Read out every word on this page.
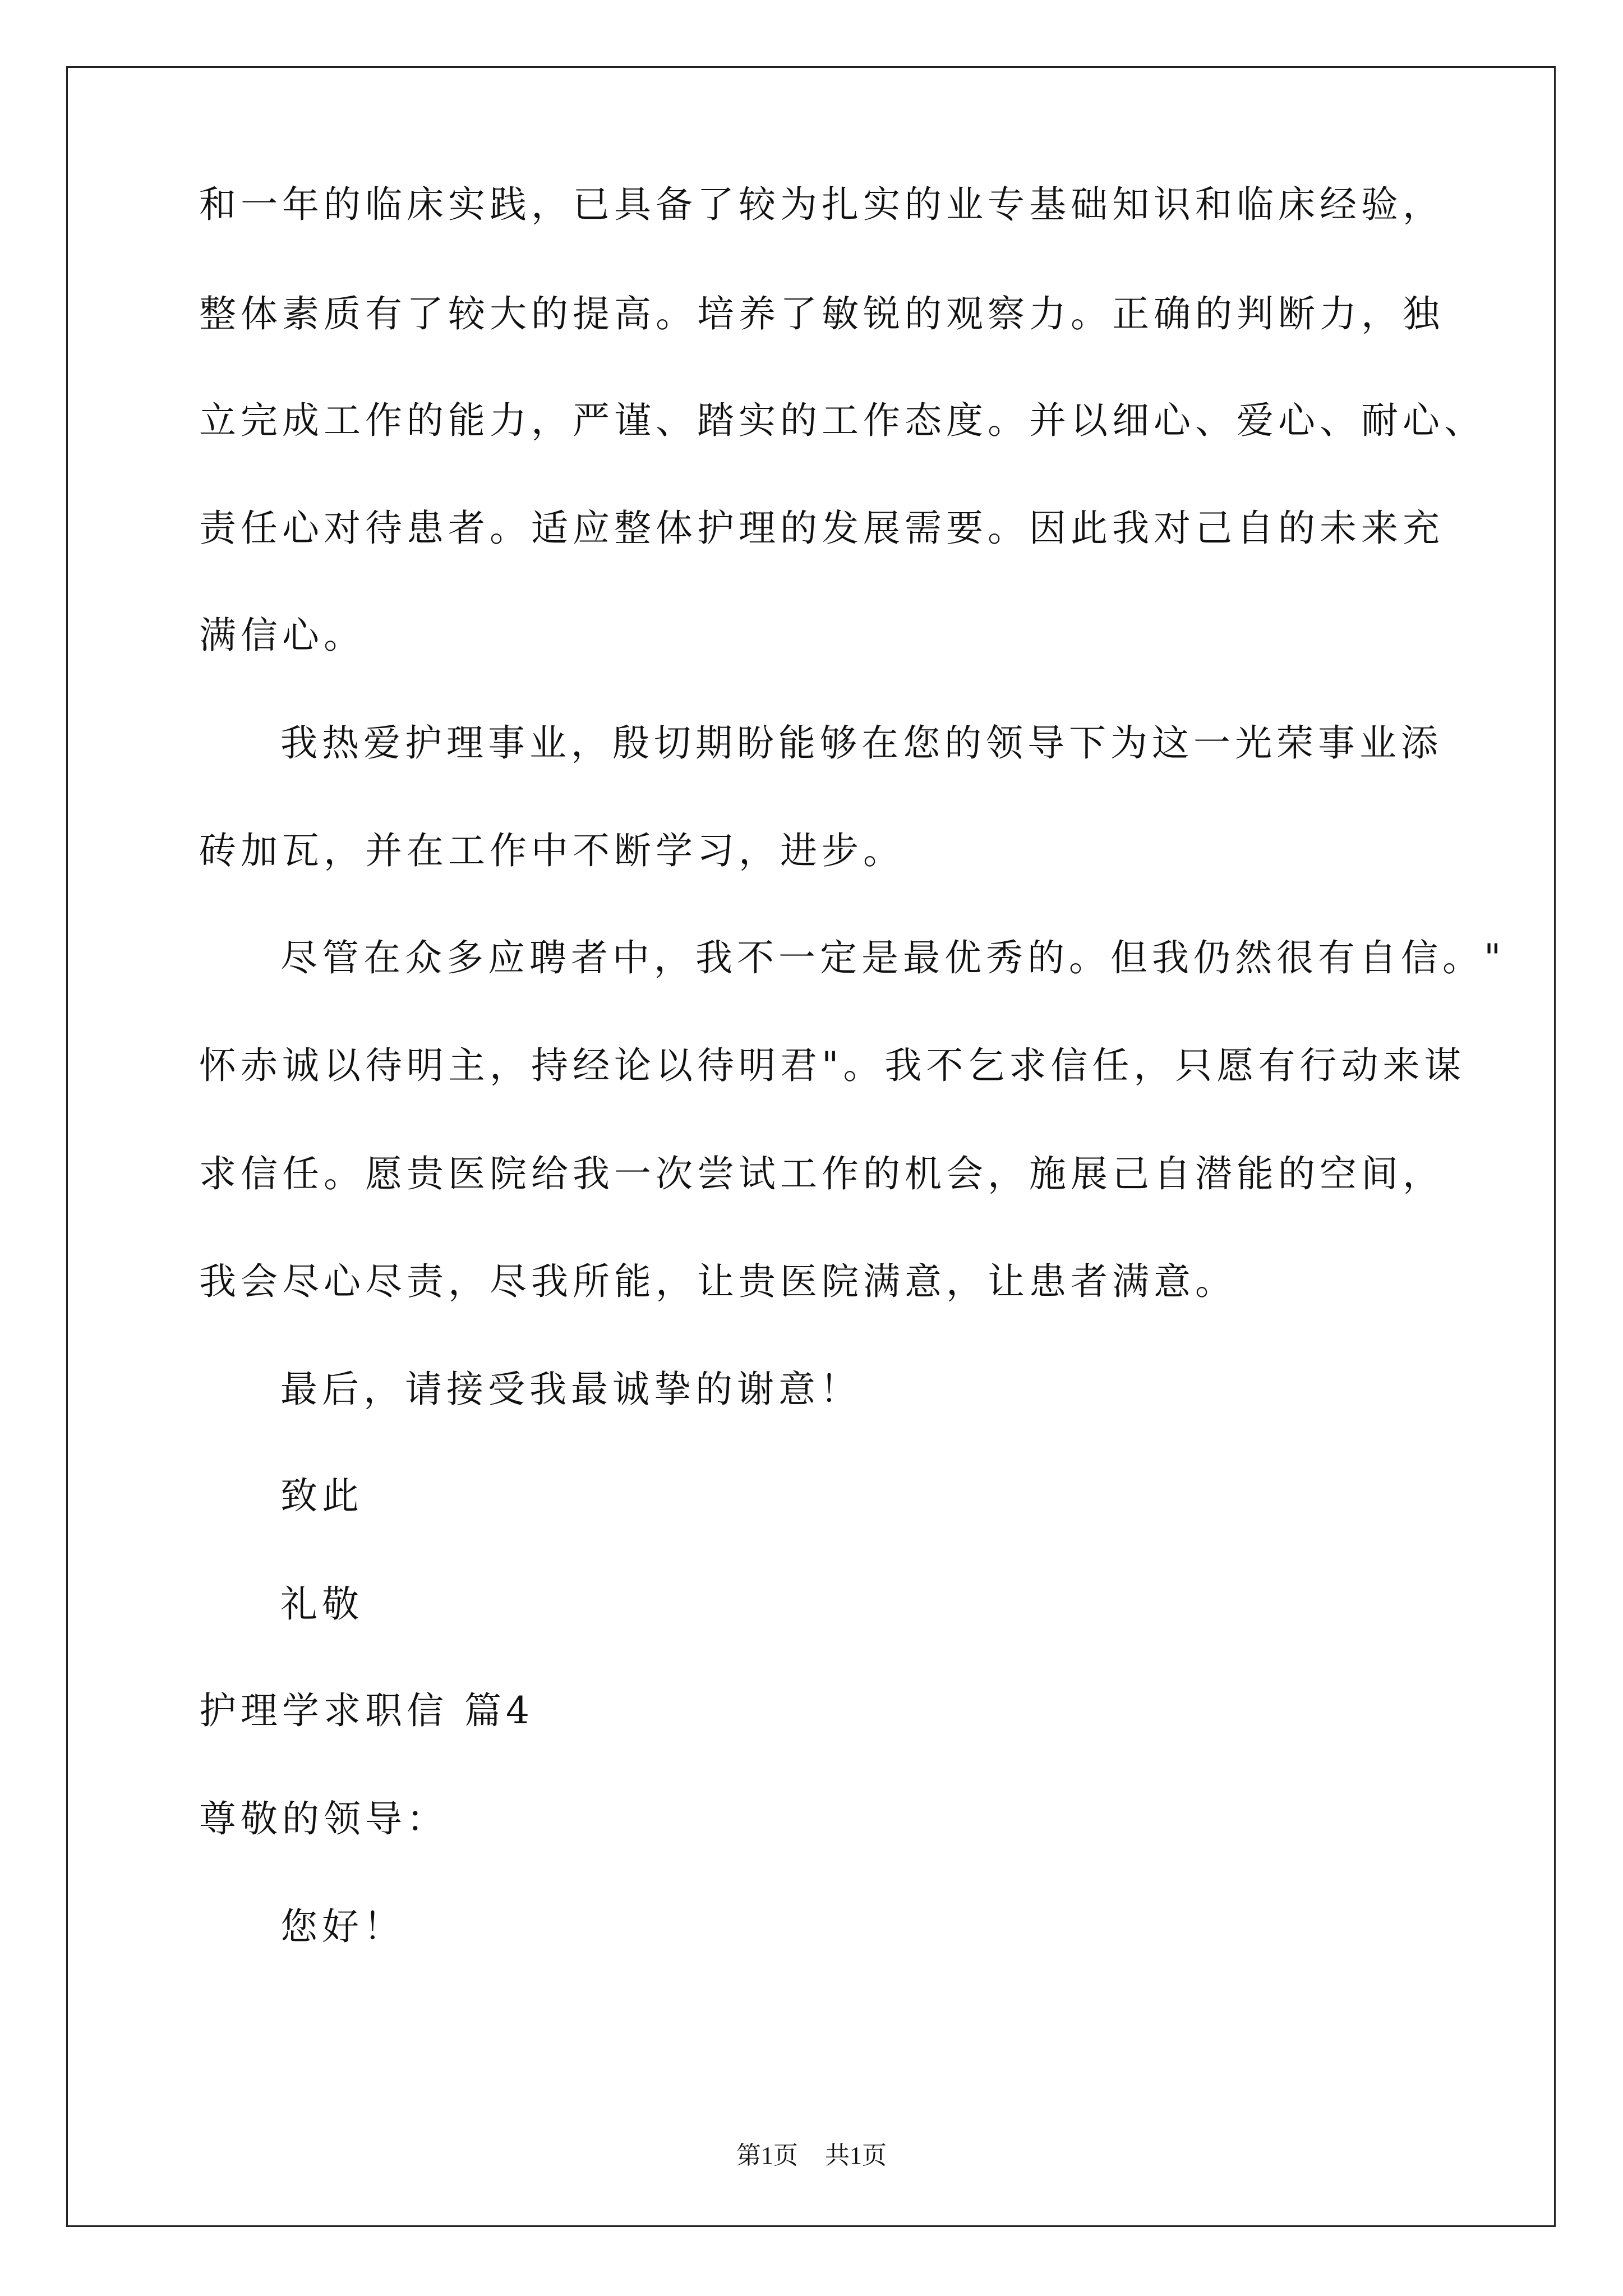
和一年的临床实践，已具备了较为扎实的业专基础知识和临床经验，
整体素质有了较大的提高。培养了敏锐的观察力。正确的判断力，独
立完成工作的能力，严谨、踏实的工作态度。并以细心、爱心、耐心、
责任心对待患者。适应整体护理的发展需要。因此我对己自的未来充
满信心。
我热爱护理事业，殷切期盼能够在您的领导下为这一光荣事业添
砖加瓦，并在工作中不断学习，进步。
尽管在众多应聘者中，我不一定是最优秀的。但我仍然很有自信。"
怀赤诚以待明主，持经论以待明君"。我不乞求信任，只愿有行动来谋
求信任。愿贵医院给我一次尝试工作的机会，施展己自潜能的空间，
我会尽心尽责，尽我所能，让贵医院满意，让患者满意。
最后，请接受我最诚挚的谢意！
致此
礼敬
护理学求职信 篇4
尊敬的领导：
您好！
第1页 共1页
